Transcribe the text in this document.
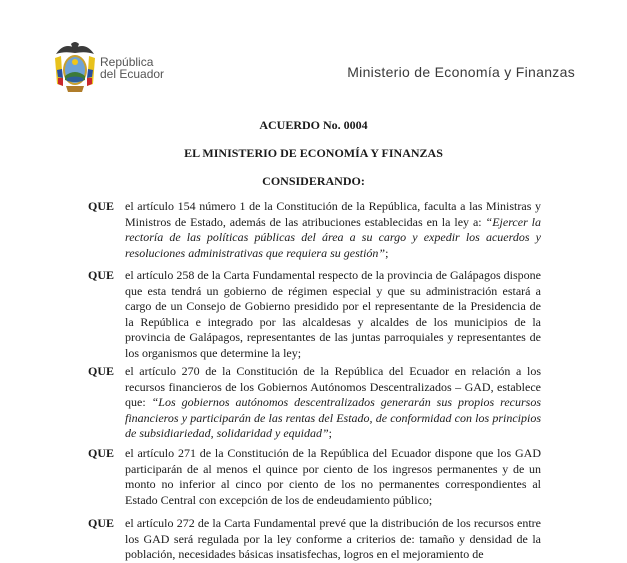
República
del Ecuador	Ministerio de Economía y Finanzas
ACUERDO No. 0004
EL MINISTERIO DE ECONOMÍA Y FINANZAS
CONSIDERANDO:
QUE el artículo 154 número 1 de la Constitución de la República, faculta a las Ministras y Ministros de Estado, además de las atribuciones establecidas en la ley a: “Ejercer la rectoría de las políticas públicas del área a su cargo y expedir los acuerdos y resoluciones administrativas que requiera su gestión”;
QUE el artículo 258 de la Carta Fundamental respecto de la provincia de Galápagos dispone que esta tendrá un gobierno de régimen especial y que su administración estará a cargo de un Consejo de Gobierno presidido por el representante de la Presidencia de la República e integrado por las alcaldesas y alcaldes de los municipios de la provincia de Galápagos, representantes de las juntas parroquiales y representantes de los organismos que determine la ley;
QUE el artículo 270 de la Constitución de la República del Ecuador en relación a los recursos financieros de los Gobiernos Autónomos Descentralizados – GAD, establece que: “Los gobiernos autónomos descentralizados generarán sus propios recursos financieros y participarán de las rentas del Estado, de conformidad con los principios de subsidiariedad, solidaridad y equidad”;
QUE el artículo 271 de la Constitución de la República del Ecuador dispone que los GAD participarán de al menos el quince por ciento de los ingresos permanentes y de un monto no inferior al cinco por ciento de los no permanentes correspondientes al Estado Central con excepción de los de endeudamiento público;
QUE el artículo 272 de la Carta Fundamental prevé que la distribución de los recursos entre los GAD será regulada por la ley conforme a criterios de: tamaño y densidad de la población, necesidades básicas insatisfechas, logros en el mejoramiento de
